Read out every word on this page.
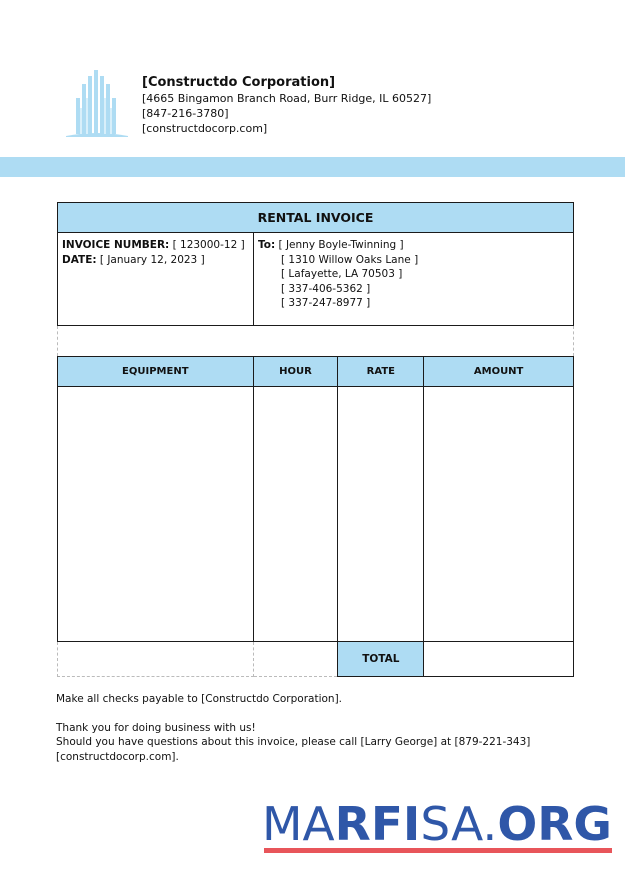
[Constructdo Corporation]
[4665 Bingamon Branch Road, Burr Ridge, IL 60527]
[847-216-3780]
[constructdocorp.com]
RENTAL INVOICE
INVOICE NUMBER: [ 123000-12 ]
DATE: [ January 12, 2023 ]
To: [ Jenny Boyle-Twinning ]
[ 1310 Willow Oaks Lane ]
[ Lafayette, LA 70503 ]
[ 337-406-5362 ]
[ 337-247-8977 ]
EQUIPMENT	HOUR	RATE	AMOUNT

		TOTAL	

Make all checks payable to [Constructdo Corporation].

Thank you for doing business with us!

Should you have questions about this invoice, please call [Larry George] at [879-221-343]

[constructdocorp.com].

MARFISA.ORG
